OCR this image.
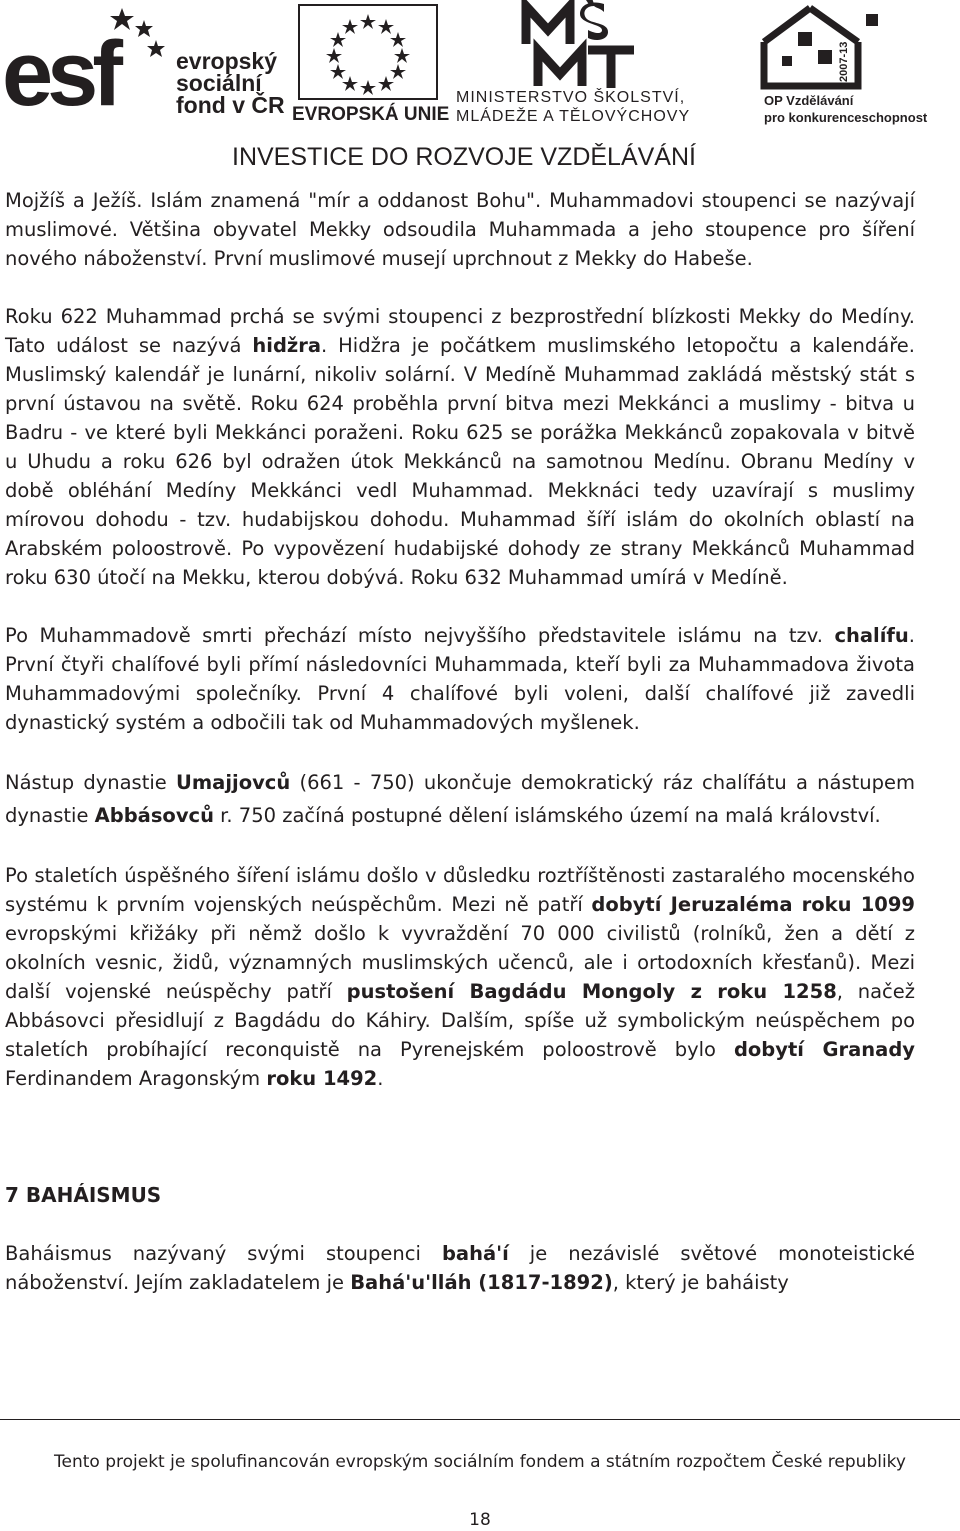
esf	evropský
sociální
fond v ČR EVROPSKÁ UNIE
MINISTERSTVO ŠKOLSTVÍ,
MLÁDEŽE A TĚLOVÝCHOVY
OP Vzdělávání
pro konkurenceschopnost
2007-13
INVESTICE DO ROZVOJE VZDĚLÁVÁNÍ

Mojžíš a Ježíš. Islám znamená "mír a oddanost Bohu". Muhammadovi stoupenci se nazývají muslimové. Většina obyvatel Mekky odsoudila Muhammada a jeho stoupence pro šíření nového náboženství. První muslimové musejí uprchnout z Mekky do Habeše.

Roku 622 Muhammad prchá se svými stoupenci z bezprostřední blízkosti Mekky do Medíny. Tato událost se nazývá hidžra. Hidžra je počátkem muslimského letopočtu a kalendáře. Muslimský kalendář je lunární, nikoliv solární. V Medíně Muhammad zakládá městský stát s první ústavou na světě. Roku 624 proběhla první bitva mezi Mekkánci a muslimy - bitva u Badru - ve které byli Mekkánci poraženi. Roku 625 se porážka Mekkánců zopakovala v bitvě u Uhudu a roku 626 byl odražen útok Mekkánců na samotnou Medínu. Obranu Medíny v době obléhání Medíny Mekkánci vedl Muhammad. Mekknáci tedy uzavírají s muslimy mírovou dohodu - tzv. hudabijskou dohodu. Muhammad šíří islám do okolních oblastí na Arabském poloostrově. Po vypovězení hudabijské dohody ze strany Mekkánců Muhammad roku 630 útočí na Mekku, kterou dobývá. Roku 632 Muhammad umírá v Medíně.

Po Muhammadově smrti přechází místo nejvyššího představitele islámu na tzv. chalífu. První čtyři chalífové byli přímí následovníci Muhammada, kteří byli za Muhammadova života Muhammadovými společníky. První 4 chalífové byli voleni, další chalífové již zavedli dynastický systém a odbočili tak od Muhammadových myšlenek.

Nástup dynastie Umajjovců (661 - 750) ukončuje demokratický ráz chalífátu a nástupem dynastie Abbásovců r. 750 začíná postupné dělení islámského území na malá království.

Po staletích úspěšného šíření islámu došlo v důsledku roztříštěnosti zastaralého mocenského systému k prvním vojenských neúspěchům. Mezi ně patří dobytí Jeruzaléma roku 1099 evropskými křižáky při němž došlo k vyvraždění 70 000 civilistů (rolníků, žen a dětí z okolních vesnic, židů, významných muslimských učenců, ale i ortodoxních křesťanů). Mezi další vojenské neúspěchy patří pustošení Bagdádu Mongoly z roku 1258, načež Abbásovci přesidlují z Bagdádu do Káhiry. Dalším, spíše už symbolickým neúspěchem po staletích probíhající reconquistě na Pyrenejském poloostrově bylo dobytí Granady Ferdinandem Aragonským roku 1492.

7 BAHÁISMUS

Baháismus nazývaný svými stoupenci bahá'í je nezávislé světové monoteistické náboženství. Jejím zakladatelem je Bahá'u'lláh (1817-1892), který je baháisty

Tento projekt je spolufinancován evropským sociálním fondem a státním rozpočtem České republiky
18
